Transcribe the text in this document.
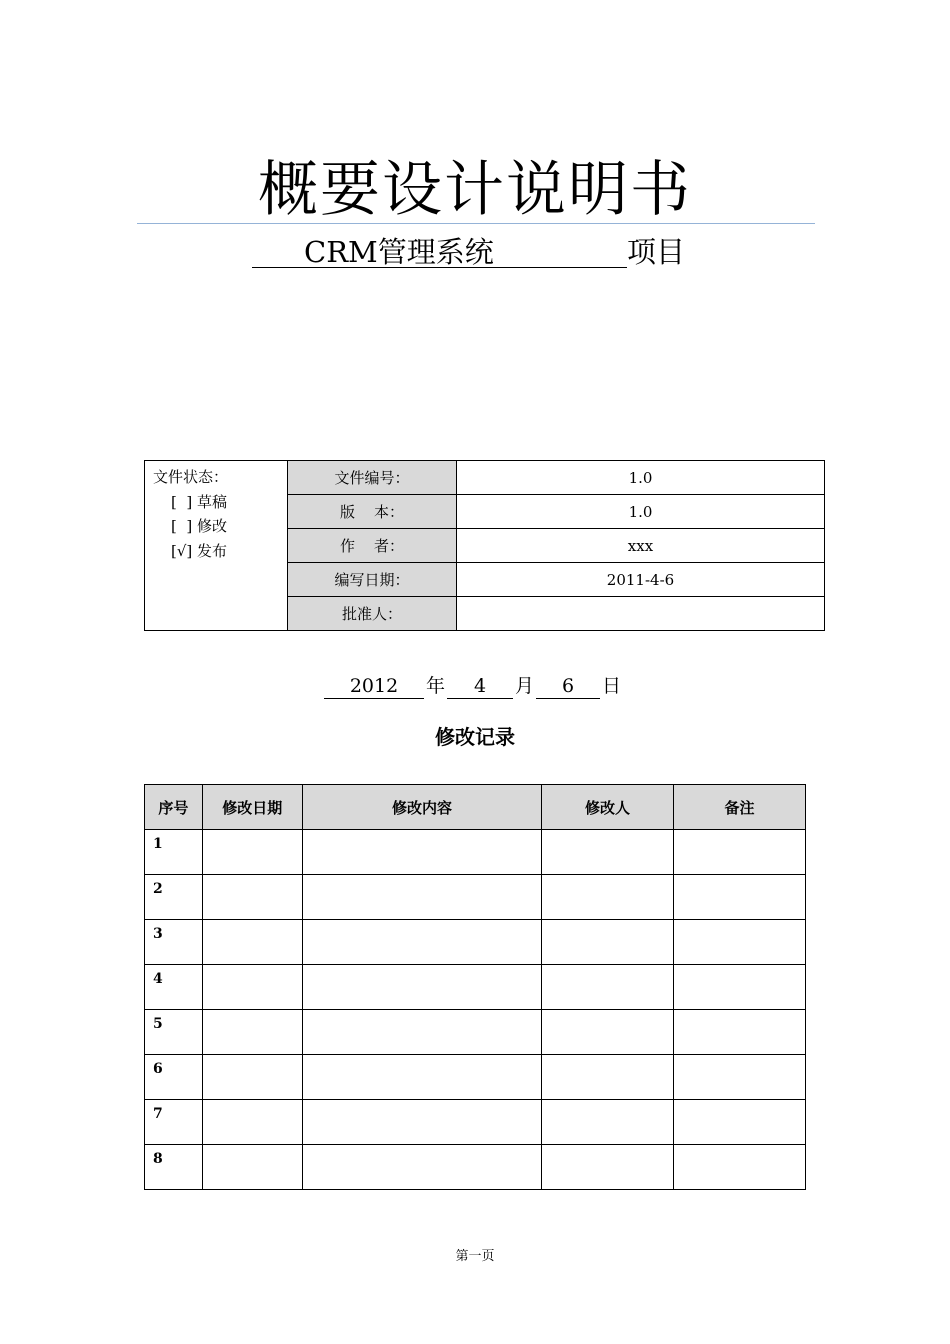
概要设计说明书
CRM管理系统	项目
文件状态：
[  ] 草稿
[  ] 修改
[√] 发布	文件编号：	1.0
	版    本：	1.0
	作    者：	xxx
	编写日期：	2011-4-6
	批准人：	
2012 年 4 月 6 日
修改记录
序号	修改日期	修改内容	修改人	备注
1				
2				
3				
4				
5				
6				
7				
8				
第一页
